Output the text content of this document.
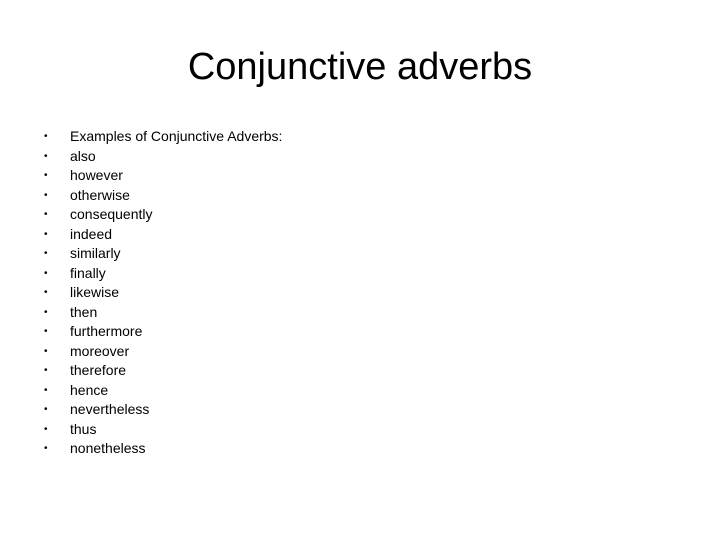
Conjunctive adverbs
• Examples of Conjunctive Adverbs:
• also
• however
• otherwise
• consequently
• indeed
• similarly
• finally
• likewise
• then
• furthermore
• moreover
• therefore
• hence
• nevertheless
• thus
• nonetheless
